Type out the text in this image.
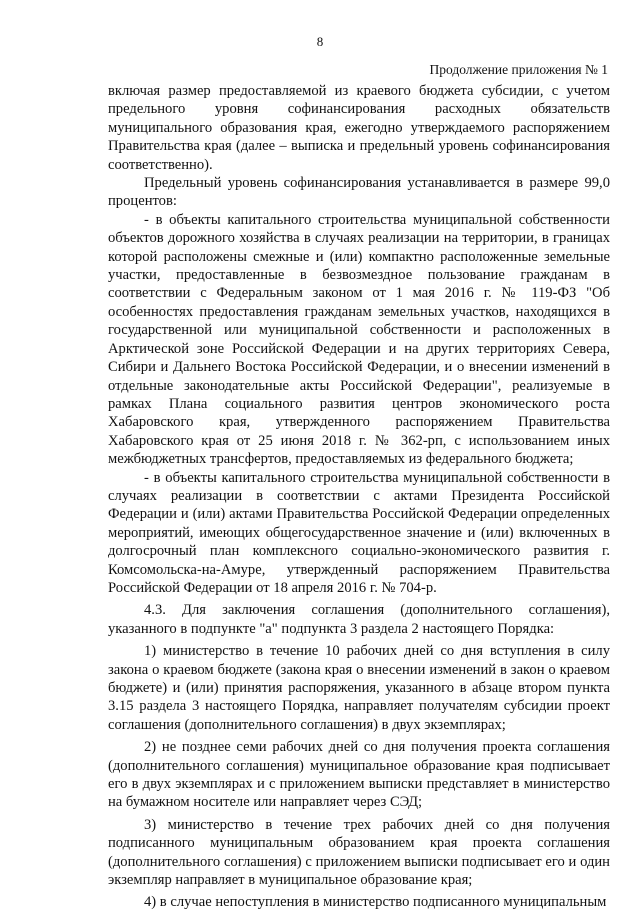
8
Продолжение приложения № 1

включая размер предоставляемой из краевого бюджета субсидии, с учетом предельного уровня софинансирования расходных обязательств муниципального образования края, ежегодно утверждаемого распоряжением Правительства края (далее – выписка и предельный уровень софинансирования соответственно).

Предельный уровень софинансирования устанавливается в размере 99,0 процентов:

- в объекты капитального строительства муниципальной собственности объектов дорожного хозяйства в случаях реализации на территории, в границах которой расположены смежные и (или) компактно расположенные земельные участки, предоставленные в безвозмездное пользование гражданам в соответствии с Федеральным законом от 1 мая 2016 г. № 119-ФЗ "Об особенностях предоставления гражданам земельных участков, находящихся в государственной или муниципальной собственности и расположенных в Арктической зоне Российской Федерации и на других территориях Севера, Сибири и Дальнего Востока Российской Федерации, и о внесении изменений в отдельные законодательные акты Российской Федерации", реализуемые в рамках Плана социального развития центров экономического роста Хабаровского края, утвержденного распоряжением Правительства Хабаровского края от 25 июня 2018 г. № 362-рп, с использованием иных межбюджетных трансфертов, предоставляемых из федерального бюджета;

- в объекты капитального строительства муниципальной собственности в случаях реализации в соответствии с актами Президента Российской Федерации и (или) актами Правительства Российской Федерации определенных мероприятий, имеющих общегосударственное значение и (или) включенных в долгосрочный план комплексного социально-экономического развития г. Комсомольска-на-Амуре, утвержденный распоряжением Правительства Российской Федерации от 18 апреля 2016 г. № 704-р.

4.3. Для заключения соглашения (дополнительного соглашения), указанного в подпункте "а" подпункта 3 раздела 2 настоящего Порядка:

1) министерство в течение 10 рабочих дней со дня вступления в силу закона о краевом бюджете (закона края о внесении изменений в закон о краевом бюджете) и (или) принятия распоряжения, указанного в абзаце втором пункта 3.15 раздела 3 настоящего Порядка, направляет получателям субсидии проект соглашения (дополнительного соглашения) в двух экземплярах;

2) не позднее семи рабочих дней со дня получения проекта соглашения (дополнительного соглашения) муниципальное образование края подписывает его в двух экземплярах и с приложением выписки представляет в министерство на бумажном носителе или направляет через СЭД;

3) министерство в течение трех рабочих дней со дня получения подписанного муниципальным образованием края проекта соглашения (дополнительного соглашения) с приложением выписки подписывает его и один экземпляр направляет в муниципальное образование края;

4) в случае непоступления в министерство подписанного муниципальным
